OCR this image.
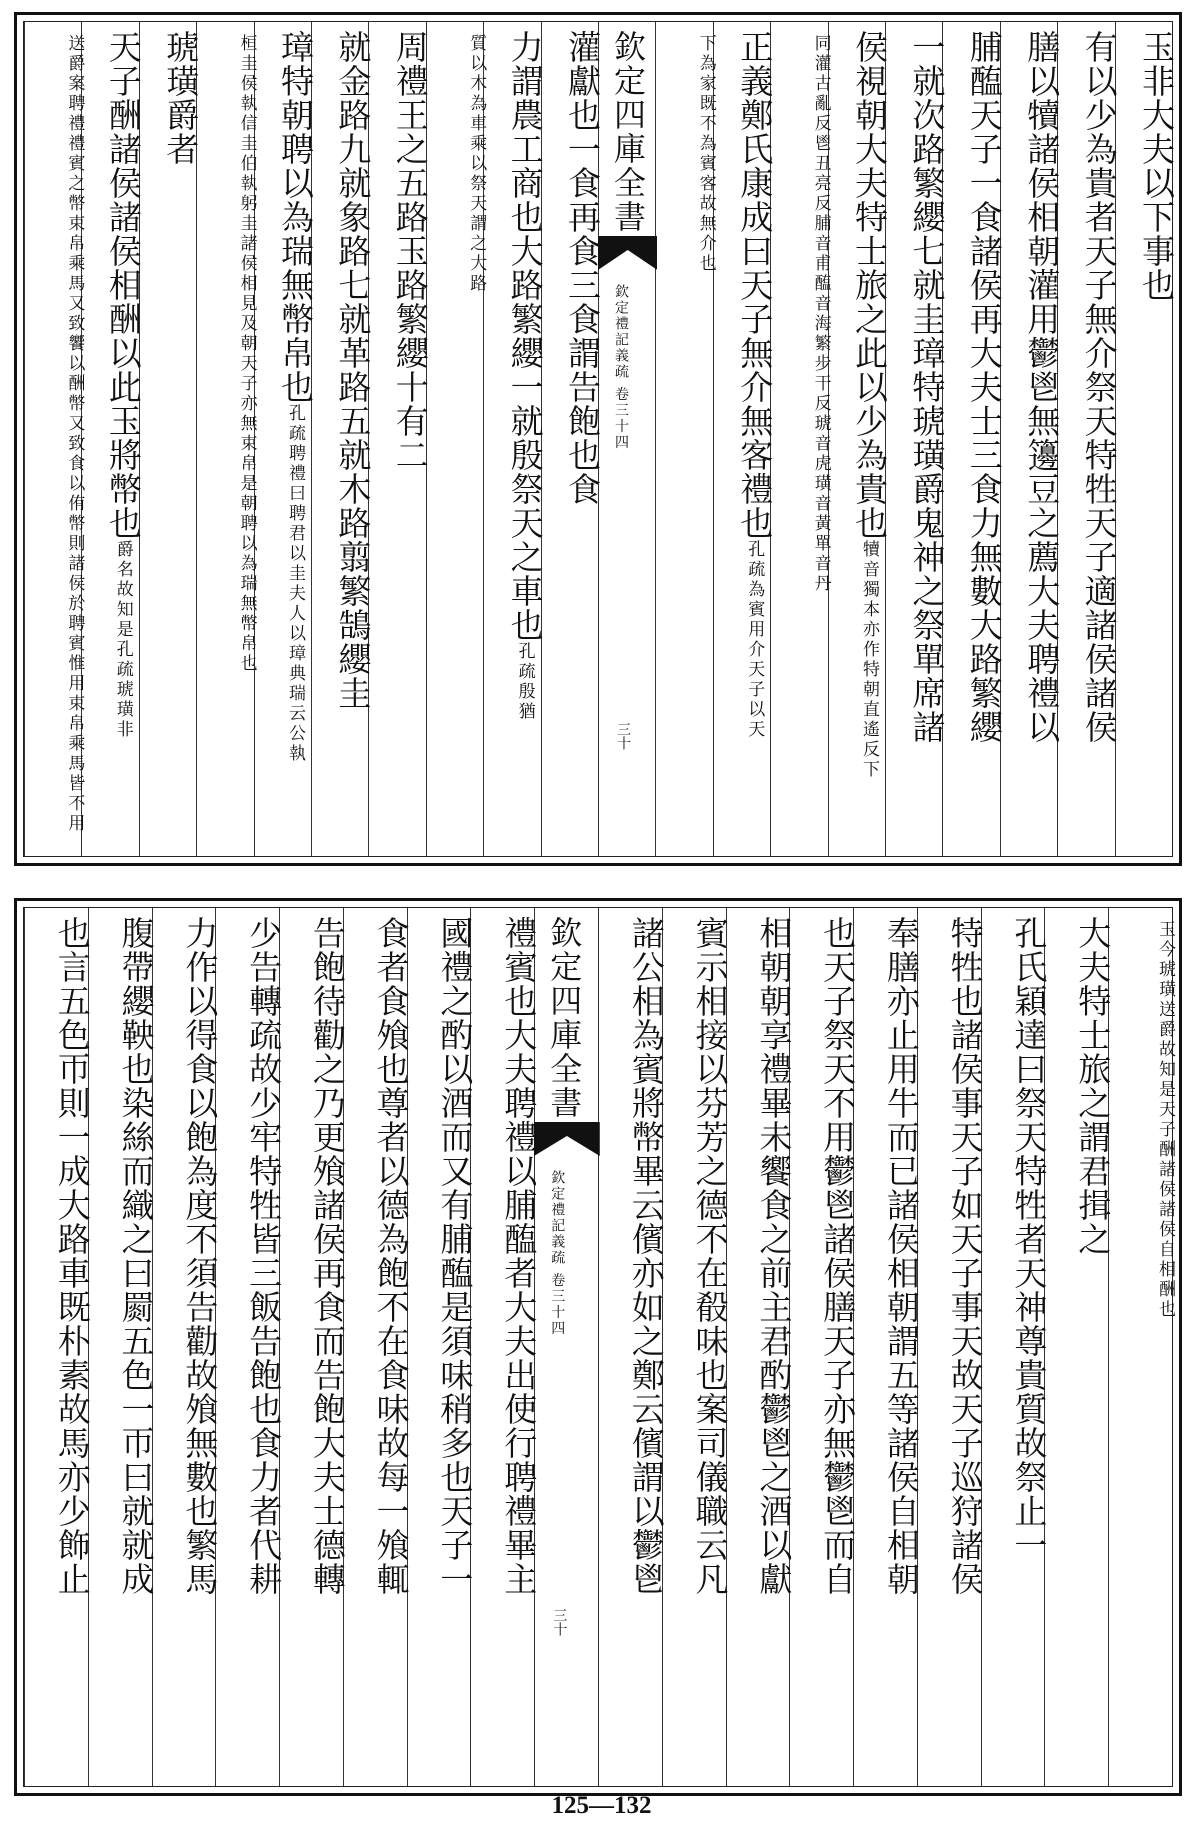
玉非大夫以下事也
有以少為貴者天子無介祭天特牲天子適諸侯諸侯
膳以犢諸侯相朝灌用鬱鬯無籩豆之薦大夫聘禮以
脯醢天子一食諸侯再大夫士三食力無數大路繁纓
一就次路繁纓七就圭璋特琥璜爵鬼神之祭單席諸
侯視朝大夫特士旅之此以少為貴也犢音獨本亦作特朝直遙反下
同灌古亂反鬯丑亮反脯音甫醢音海繁步干反琥音虎璜音黃單音丹
正義鄭氏康成曰天子無介無客禮也孔疏為賓用介天子以天
下為家既不為賓客故無介也
欽定四庫全書
欽定禮記義疏 卷三十四
三十
灌獻也一食再食三食謂告飽也食
力謂農工商也大路繁纓一就殷祭天之車也孔疏殷猶
質以木為車乘以祭天謂之大路
周禮王之五路玉路繁纓十有二
就金路九就象路七就革路五就木路翦繁鵠纓圭
璋特朝聘以為瑞無幣帛也孔疏聘禮曰聘君以圭夫人以璋典瑞云公執
桓圭侯執信圭伯執躬圭諸侯相見及朝天子亦無束帛是朝聘以為瑞無幣帛也
琥璜爵者
天子酬諸侯諸侯相酬以此玉將幣也爵名故知是孔疏琥璜非
送爵案聘禮禮賓之幣束帛乘馬又致饗以酬幣又致食以侑幣則諸侯於聘賓惟用束帛乘馬皆不用
玉今琥璜送爵故知是天子酬諸侯諸侯自相酬也
大夫特士旅之謂君揖之
孔氏穎達曰祭天特牲者天神尊貴質故祭止一
特牲也諸侯事天子如天子事天故天子巡狩諸侯
奉膳亦止用牛而已諸侯相朝謂五等諸侯自相朝
也天子祭天不用鬱鬯諸侯膳天子亦無鬱鬯而自
相朝朝享禮畢未饗食之前主君酌鬱鬯之酒以獻
賓示相接以芬芳之德不在殽味也案司儀職云凡
諸公相為賓將幣畢云儐亦如之鄭云儐謂以鬱鬯
欽定四庫全書
欽定禮記義疏 卷三十四
三十
禮賓也大夫聘禮以脯醢者大夫出使行聘禮畢主
國禮之酌以酒而又有脯醢是須味稍多也天子一
食者食飧也尊者以德為飽不在食味故每一飧輒
告飽待勸之乃更飧諸侯再食而告飽大夫士德轉
少告轉疏故少牢特牲皆三飯告飽也食力者代耕
力作以得食以飽為度不須告勸故飧無數也繁馬
腹帶纓鞅也染絲而織之曰罽五色一帀曰就就成
也言五色帀則一成大路車既朴素故馬亦少飾止
125—132
